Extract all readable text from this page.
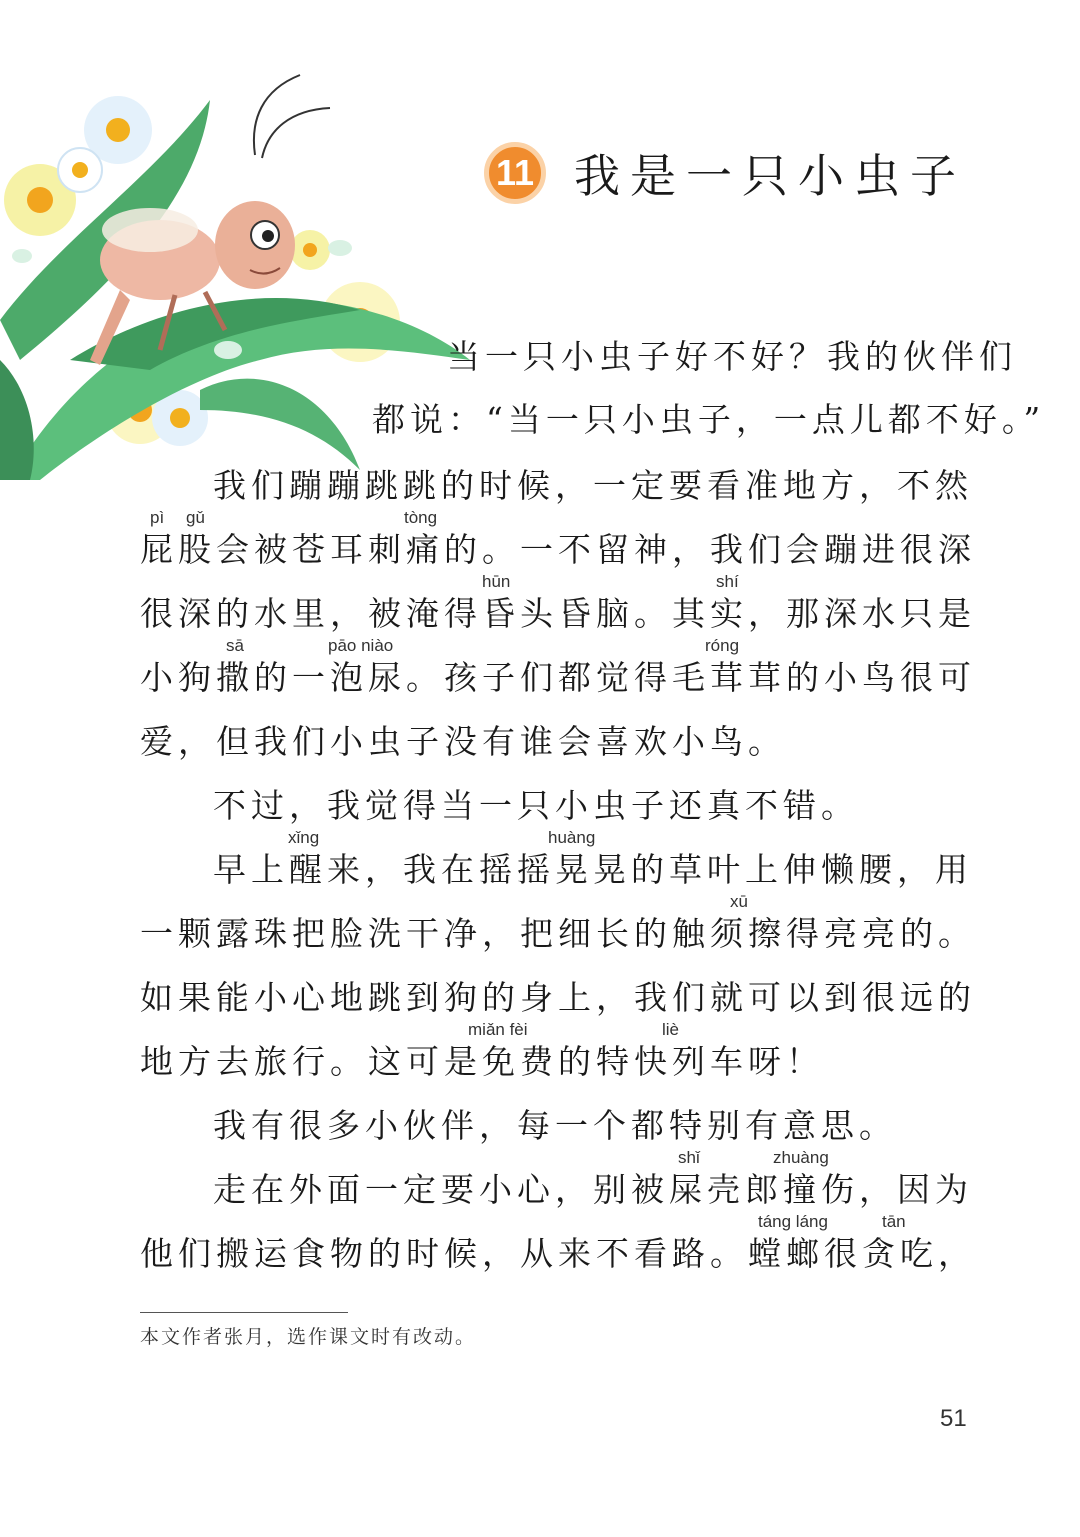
11 我是一只小虫子
当一只小虫子好不好？我的伙伴们
都说：“当一只小虫子，一点儿都不好。”
我们蹦蹦跳跳的时候，一定要看准地方，不然
pì gǔ	tòng
屁股会被苍耳刺痛的。一不留神，我们会蹦进很深
hūn	shí
很深的水里，被淹得昏头昏脑。其实，那深水只是
sā	pāo niào	róng
小狗撒的一泡尿。孩子们都觉得毛茸茸的小鸟很可
爱，但我们小虫子没有谁会喜欢小鸟。
不过，我觉得当一只小虫子还真不错。
xǐng	huàng
早上醒来，我在摇摇晃晃的草叶上伸懒腰，用
xū
一颗露珠把脸洗干净，把细长的触须擦得亮亮的。
如果能小心地跳到狗的身上，我们就可以到很远的
miǎn fèi	liè
地方去旅行。这可是免费的特快列车呀！
我有很多小伙伴，每一个都特别有意思。
shǐ	zhuàng
走在外面一定要小心，别被屎壳郎撞伤，因为
táng láng	tān
他们搬运食物的时候，从来不看路。螳螂很贪吃，
本文作者张月，选作课文时有改动。
51
